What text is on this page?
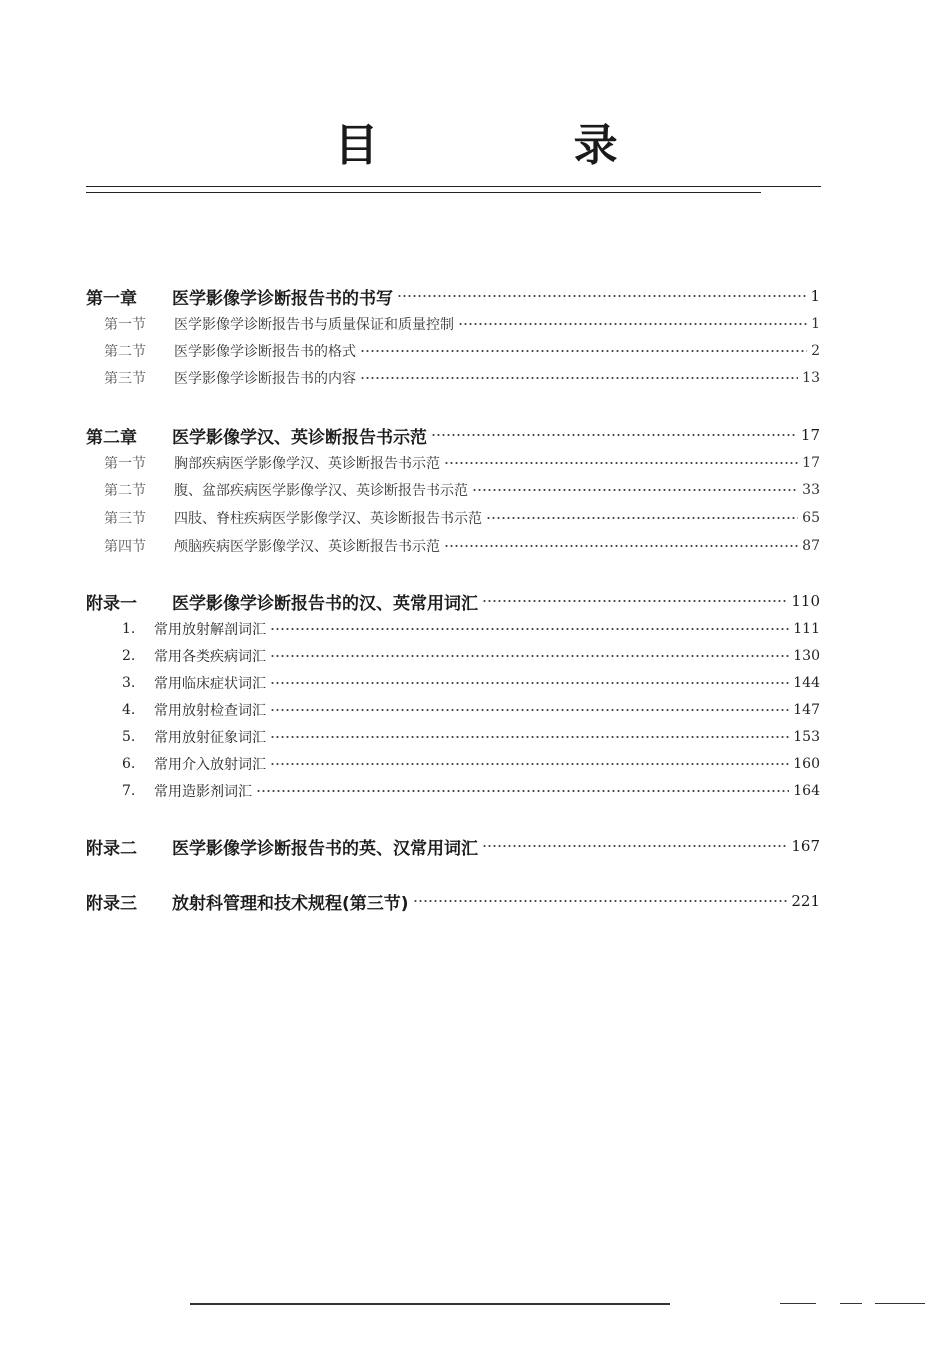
目 录
第一章	医学影像学诊断报告书的书写	1
第一节	医学影像学诊断报告书与质量保证和质量控制	1
第二节	医学影像学诊断报告书的格式	2
第三节	医学影像学诊断报告书的内容	13
第二章	医学影像学汉、英诊断报告书示范	17
第一节	胸部疾病医学影像学汉、英诊断报告书示范	17
第二节	腹、盆部疾病医学影像学汉、英诊断报告书示范	33
第三节	四肢、脊柱疾病医学影像学汉、英诊断报告书示范	65
第四节	颅脑疾病医学影像学汉、英诊断报告书示范	87
附录一	医学影像学诊断报告书的汉、英常用词汇	110
1.	常用放射解剖词汇	111
2.	常用各类疾病词汇	130
3.	常用临床症状词汇	144
4.	常用放射检查词汇	147
5.	常用放射征象词汇	153
6.	常用介入放射词汇	160
7.	常用造影剂词汇	164
附录二	医学影像学诊断报告书的英、汉常用词汇	167
附录三	放射科管理和技术规程(第三节)	221
